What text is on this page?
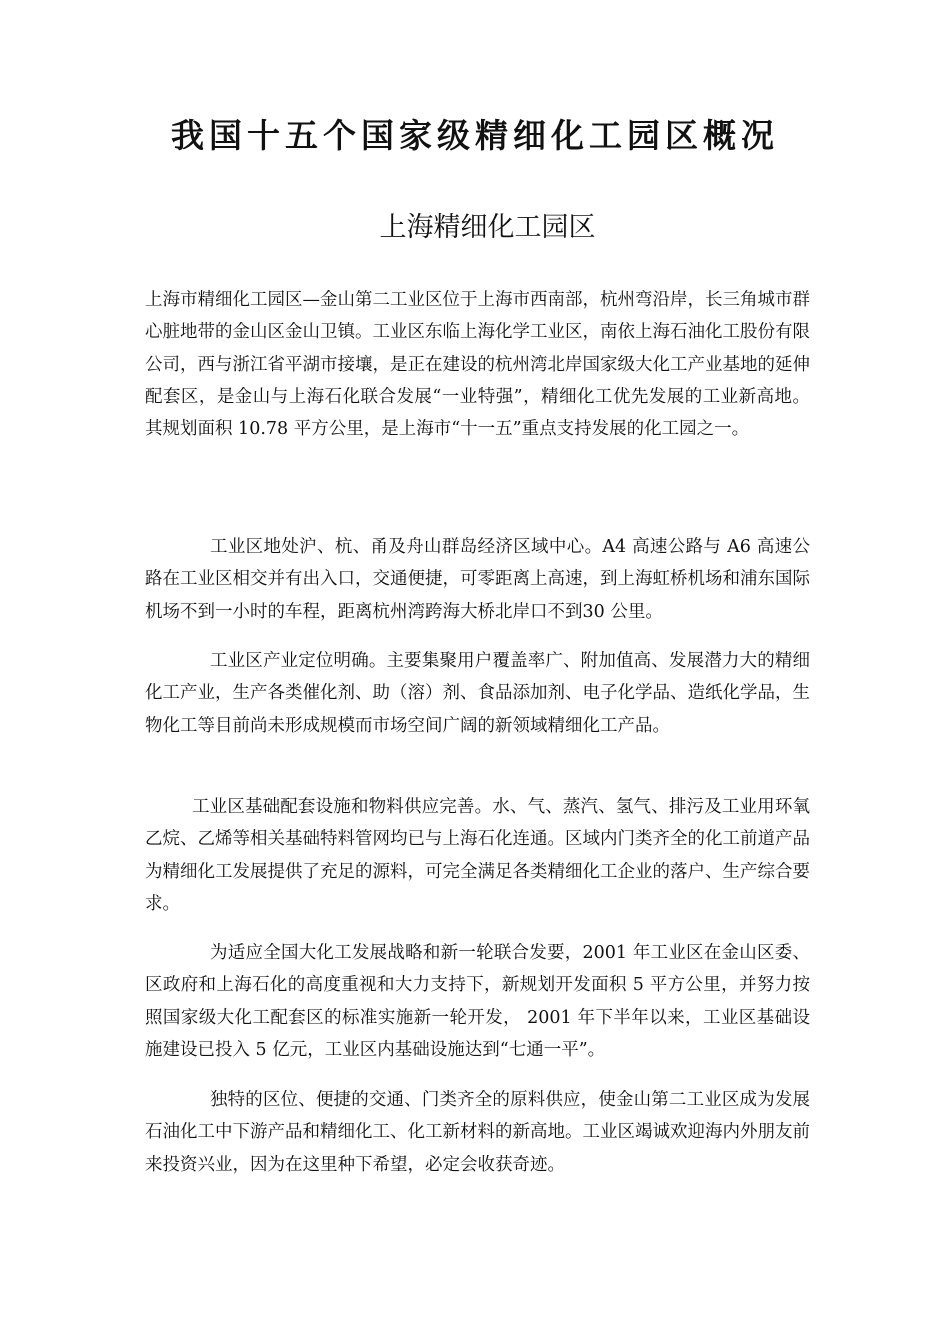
我国十五个国家级精细化工园区概况
上海精细化工园区

上海市精细化工园区—金山第二工业区位于上海市西南部，杭州弯沿岸，长三角城市群心脏地带的金山区金山卫镇。工业区东临上海化学工业区，南依上海石油化工股份有限公司，西与浙江省平湖市接壤，是正在建设的杭州湾北岸国家级大化工产业基地的延伸配套区，是金山与上海石化联合发展“一业特强”，精细化工优先发展的工业新高地。其规划面积 10.78 平方公里，是上海市“十一五”重点支持发展的化工园之一。

工业区地处沪、杭、甬及舟山群岛经济区域中心。A4 高速公路与 A6 高速公路在工业区相交并有出入口，交通便捷，可零距离上高速，到上海虹桥机场和浦东国际机场不到一小时的车程，距离杭州湾跨海大桥北岸口不到30 公里。

工业区产业定位明确。主要集聚用户覆盖率广、附加值高、发展潜力大的精细化工产业，生产各类催化剂、助（溶）剂、食品添加剂、电子化学品、造纸化学品，生物化工等目前尚未形成规模而市场空间广阔的新领域精细化工产品。

工业区基础配套设施和物料供应完善。水、气、蒸汽、氢气、排污及工业用环氧乙烷、乙烯等相关基础特料管网均已与上海石化连通。区域内门类齐全的化工前道产品为精细化工发展提供了充足的源料，可完全满足各类精细化工企业的落户、生产综合要求。

为适应全国大化工发展战略和新一轮联合发要，2001 年工业区在金山区委、区政府和上海石化的高度重视和大力支持下，新规划开发面积 5 平方公里，并努力按照国家级大化工配套区的标准实施新一轮开发， 2001 年下半年以来，工业区基础设施建设已投入 5 亿元，工业区内基础设施达到“七通一平”。

独特的区位、便捷的交通、门类齐全的原料供应，使金山第二工业区成为发展石油化工中下游产品和精细化工、化工新材料的新高地。工业区竭诚欢迎海内外朋友前来投资兴业，因为在这里种下希望，必定会收获奇迹。
